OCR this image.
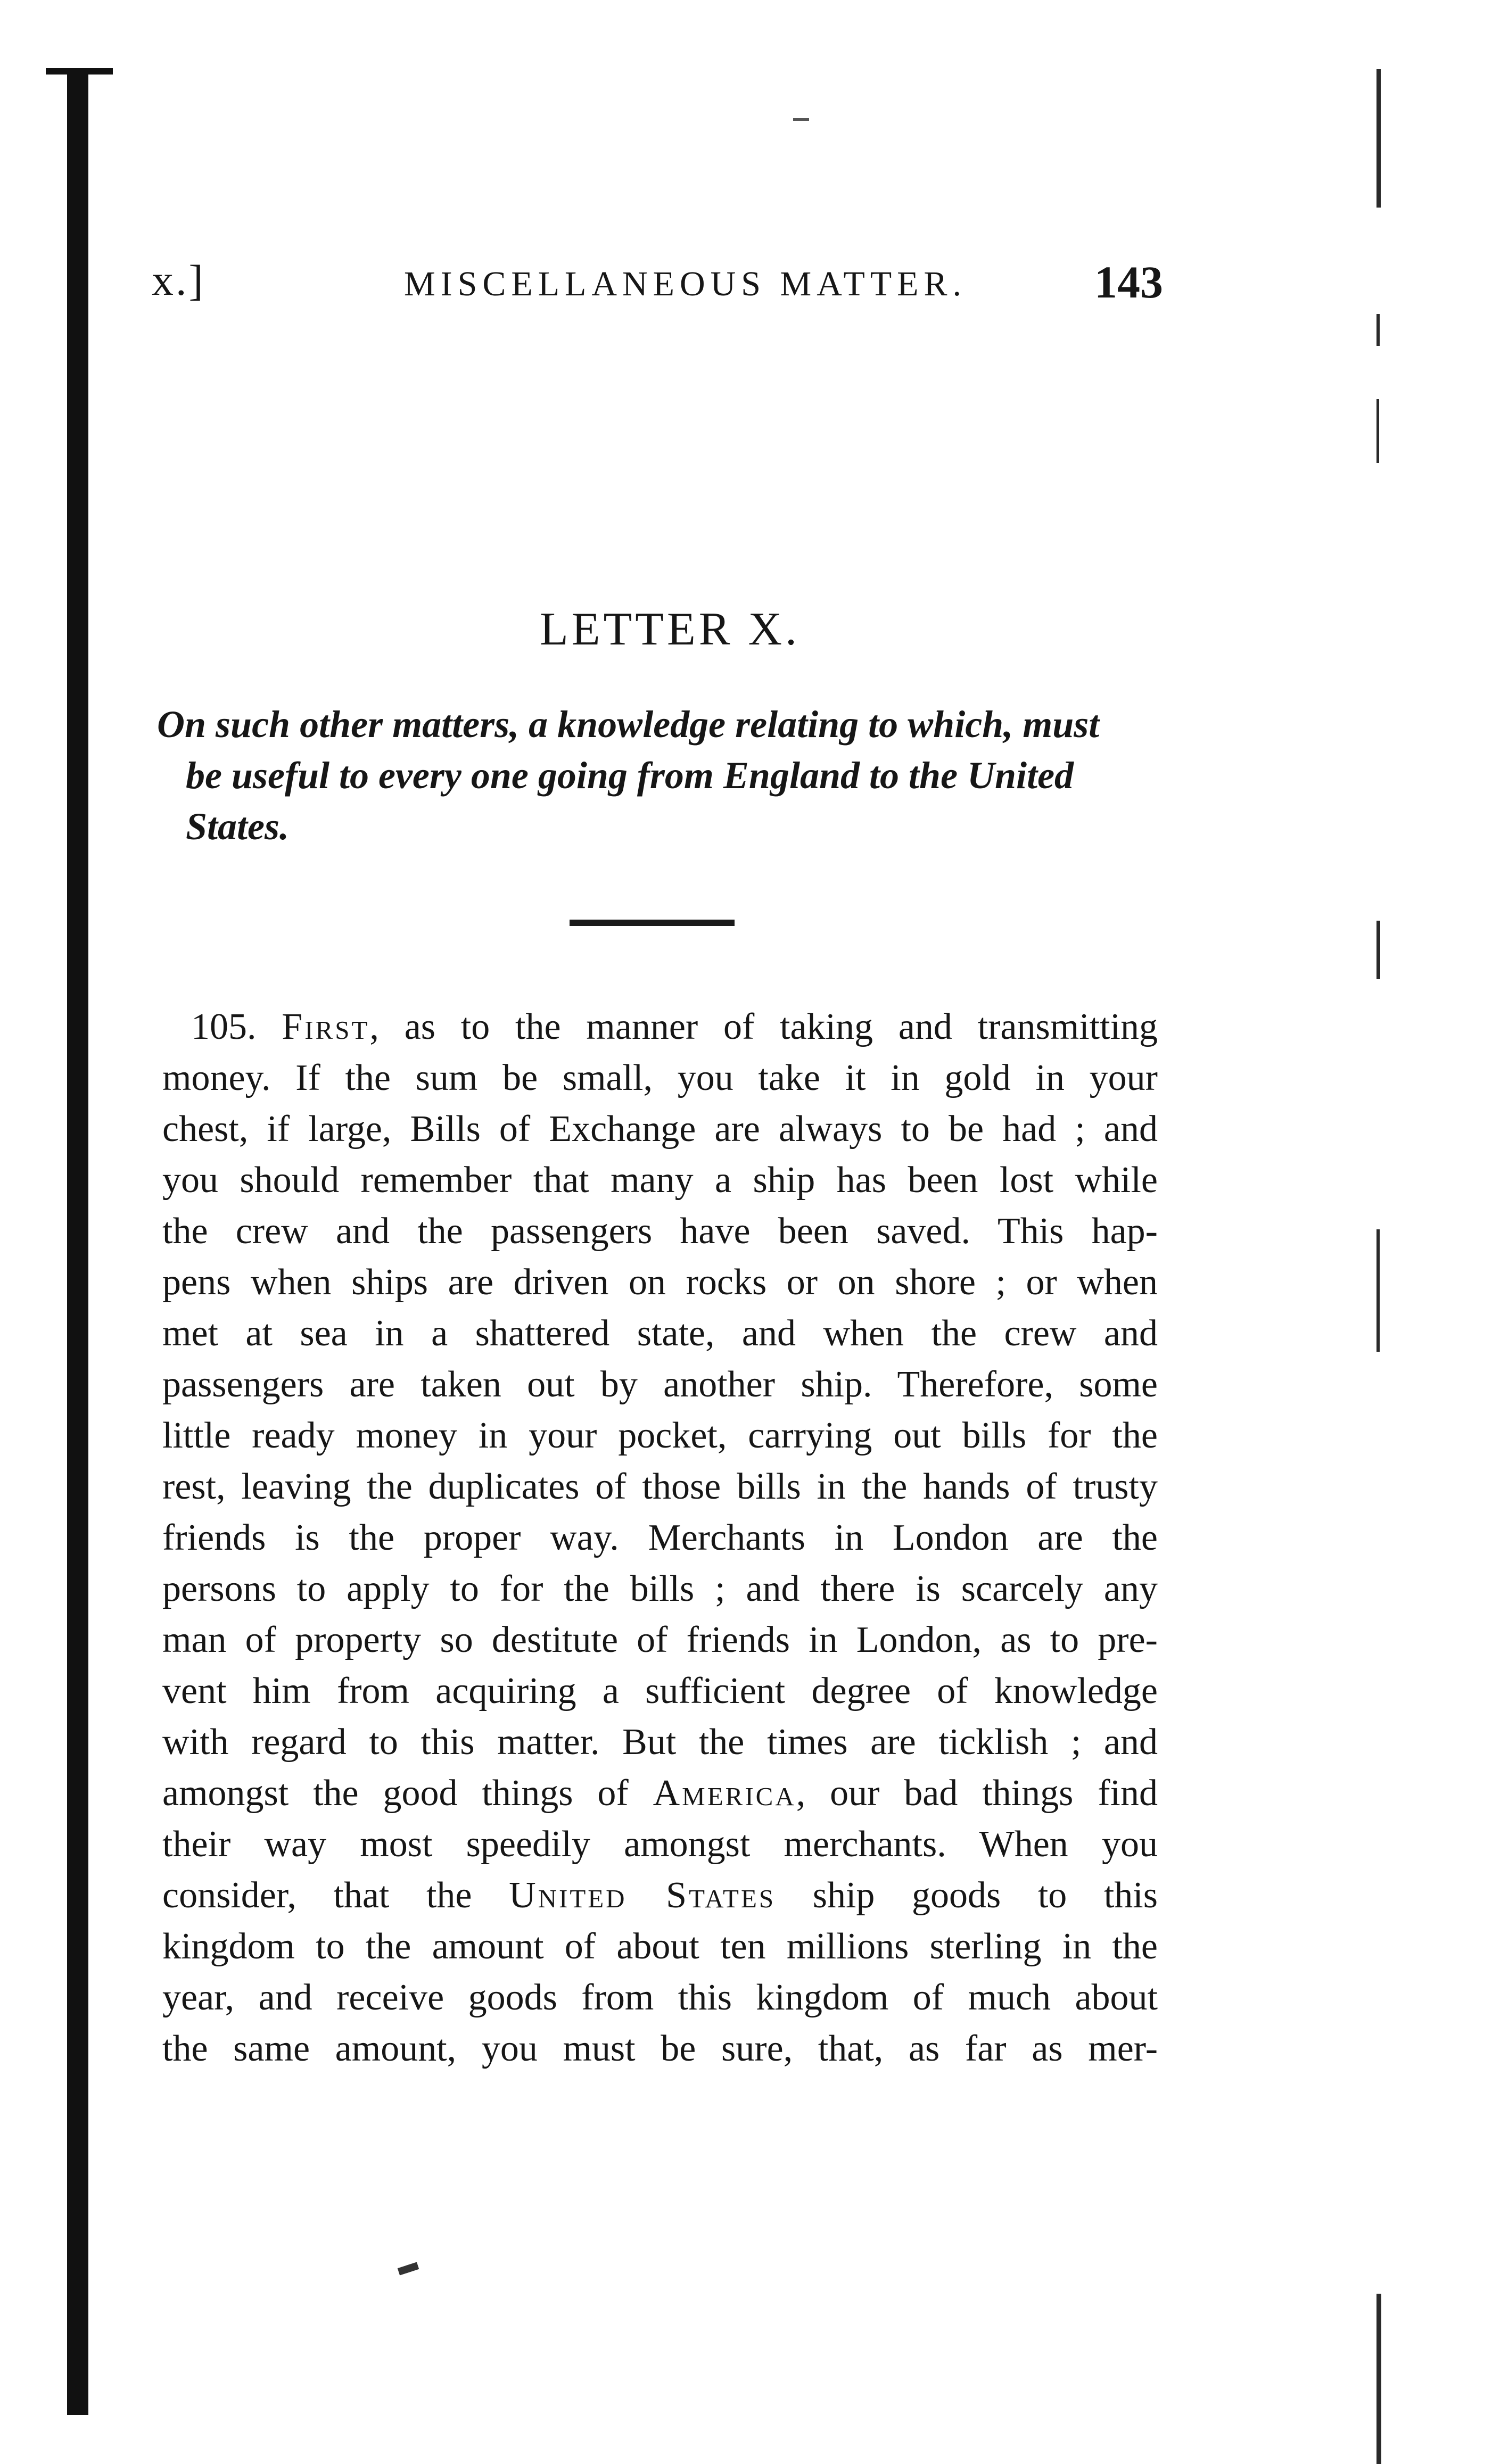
x.]	MISCELLANEOUS MATTER.	143
LETTER X.
On such other matters, a knowledge relating to which, must
be useful to every one going from England to the United
States.
105. First, as to the manner of taking and transmitting
money. If the sum be small, you take it in gold in your
chest, if large, Bills of Exchange are always to be had ; and
you should remember that many a ship has been lost while
the crew and the passengers have been saved. This hap-
pens when ships are driven on rocks or on shore ; or when
met at sea in a shattered state, and when the crew and
passengers are taken out by another ship. Therefore, some
little ready money in your pocket, carrying out bills for the
rest, leaving the duplicates of those bills in the hands of trusty
friends is the proper way. Merchants in London are the
persons to apply to for the bills ; and there is scarcely any
man of property so destitute of friends in London, as to pre-
vent him from acquiring a sufficient degree of knowledge
with regard to this matter. But the times are ticklish ; and
amongst the good things of America, our bad things find
their way most speedily amongst merchants. When you
consider, that the United States ship goods to this
kingdom to the amount of about ten millions sterling in the
year, and receive goods from this kingdom of much about
the same amount, you must be sure, that, as far as mer-
